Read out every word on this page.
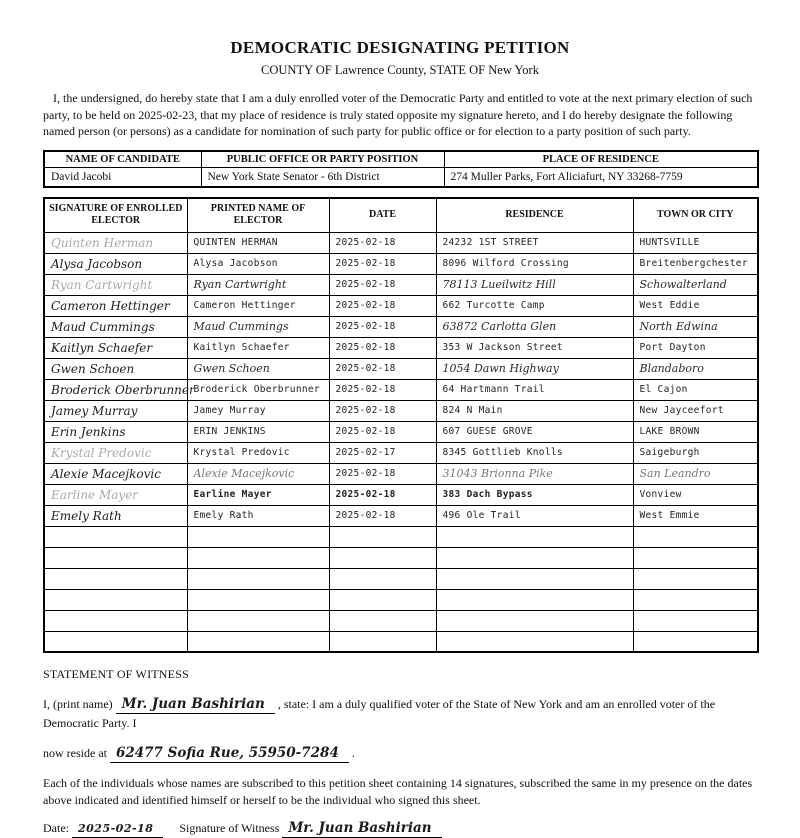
DEMOCRATIC DESIGNATING PETITION
COUNTY OF Lawrence County, STATE OF New York
I, the undersigned, do hereby state that I am a duly enrolled voter of the Democratic Party and entitled to vote at the next primary election of such party, to be held on 2025-02-23, that my place of residence is truly stated opposite my signature hereto, and I do hereby designate the following named person (or persons) as a candidate for nomination of such party for public office or for election to a party position of such party.
NAME OF CANDIDATE	PUBLIC OFFICE OR PARTY POSITION	PLACE OF RESIDENCE
David Jacobi	New York State Senator - 6th District	274 Muller Parks, Fort Aliciafurt, NY 33268-7759
SIGNATURE OF ENROLLED ELECTOR	PRINTED NAME OF ELECTOR	DATE	RESIDENCE	TOWN OR CITY
Quinten Herman	QUINTEN HERMAN	2025-02-18	24232 1ST STREET	HUNTSVILLE
Alysa Jacobson	Alysa Jacobson	2025-02-18	8096 Wilford Crossing	Breitenbergchester
Ryan Cartwright	Ryan Cartwright	2025-02-18	78113 Lueilwitz Hill	Schowalterland
Cameron Hettinger	Cameron Hettinger	2025-02-18	662 Turcotte Camp	West Eddie
Maud Cummings	Maud Cummings	2025-02-18	63872 Carlotta Glen	North Edwina
Kaitlyn Schaefer	Kaitlyn Schaefer	2025-02-18	353 W Jackson Street	Port Dayton
Gwen Schoen	Gwen Schoen	2025-02-18	1054 Dawn Highway	Blandaboro
Broderick Oberbrunner	Broderick Oberbrunner	2025-02-18	64 Hartmann Trail	El Cajon
Jamey Murray	Jamey Murray	2025-02-18	824 N Main	New Jayceefort
Erin Jenkins	ERIN JENKINS	2025-02-18	607 GUESE GROVE	LAKE BROWN
Krystal Predovic	Krystal Predovic	2025-02-17	8345 Gottlieb Knolls	Saigeburgh
Alexie Macejkovic	Alexie Macejkovic	2025-02-18	31043 Brionna Pike	San Leandro
Earline Mayer	Earline Mayer	2025-02-18	383 Dach Bypass	Vonview
Emely Rath	Emely Rath	2025-02-18	496 Ole Trail	West Emmie

STATEMENT OF WITNESS
I, (print name) Mr. Juan Bashirian , state: I am a duly qualified voter of the State of New York and am an enrolled voter of the Democratic Party. I
now reside at 62477 Sofia Rue, 55950-7284 .
Each of the individuals whose names are subscribed to this petition sheet containing 14 signatures, subscribed the same in my presence on the dates above indicated and identified himself or herself to be the individual who signed this sheet.
Date: 2025-02-18 Signature of Witness Mr. Juan Bashirian
